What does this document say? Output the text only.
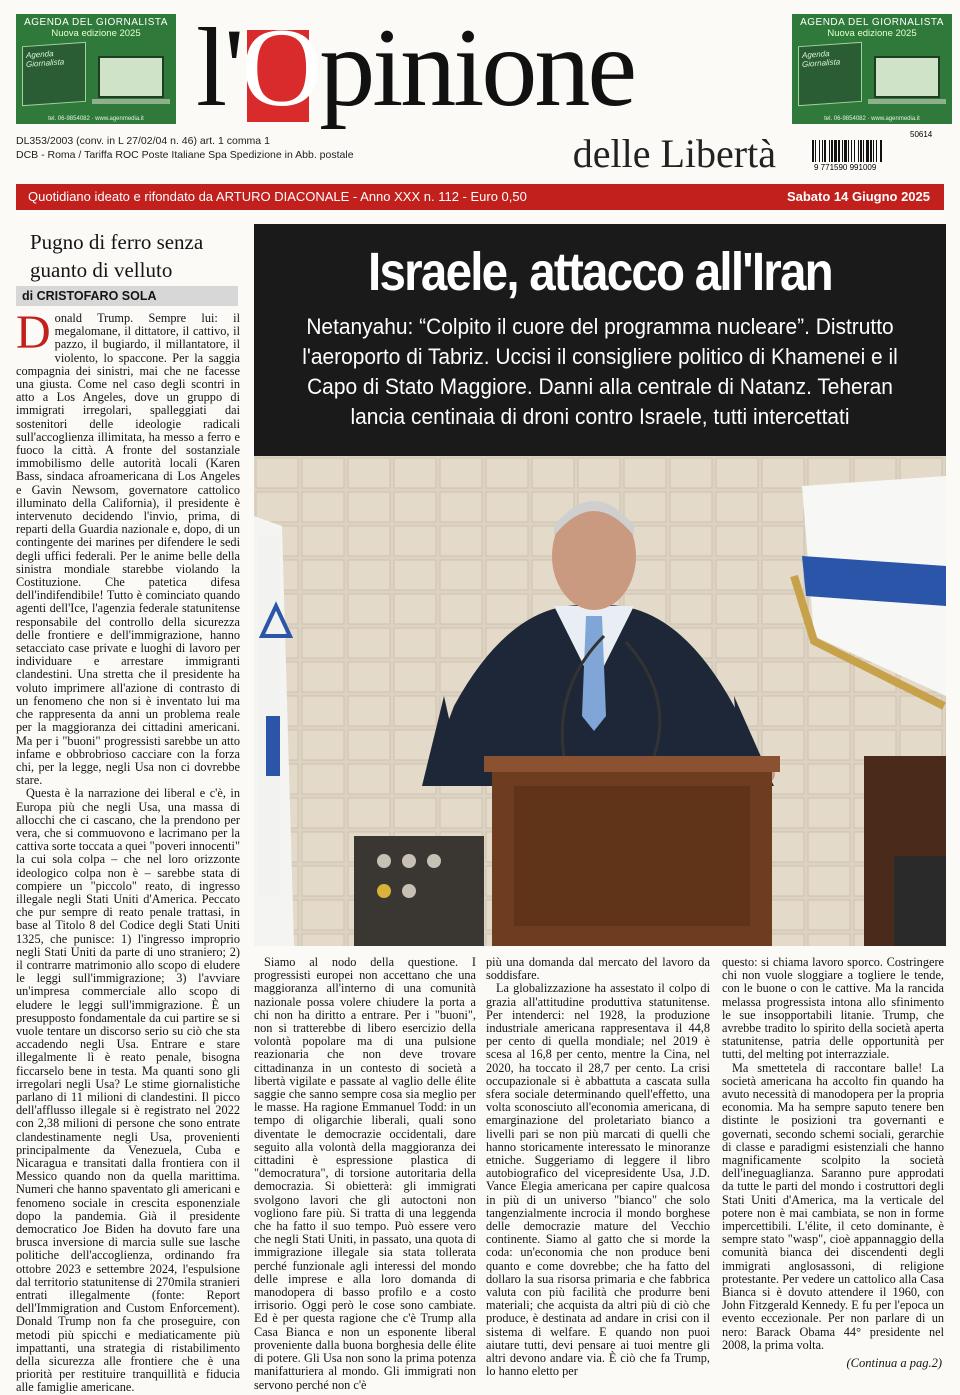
AGENDA DEL GIORNALISTA
Nuova edizione 2025
Agenda Giornalista
tel. 06-9854082 · www.agenmedia.it
AGENDA DEL GIORNALISTA
Nuova edizione 2025
Agenda Giornalista
tel. 06-9854082 · www.agenmedia.it
l'Opinione
delle Libertà
DL353/2003 (conv. in L 27/02/04 n. 46) art. 1 comma 1
DCB - Roma / Tariffa ROC Poste Italiane Spa Spedizione in Abb. postale
50614
9 771590 991009
Quotidiano ideato e rifondato da ARTURO DIACONALE - Anno XXX n. 112 - Euro 0,50	Sabato 14 Giugno 2025
Pugno di ferro senza guanto di velluto
di CRISTOFARO SOLA

Donald Trump. Sempre lui: il megalomane, il dittatore, il cattivo, il pazzo, il bugiardo, il millantatore, il violento, lo spaccone. Per la saggia compagnia dei sinistri, mai che ne facesse una giusta. Come nel caso degli scontri in atto a Los Angeles, dove un gruppo di immigrati irregolari, spalleggiati dai sostenitori delle ideologie radicali sull'accoglienza illimitata, ha messo a ferro e fuoco la città. A fronte del sostanziale immobilismo delle autorità locali (Karen Bass, sindaca afroamericana di Los Angeles e Gavin Newsom, governatore cattolico illuminato della California), il presidente è intervenuto decidendo l'invio, prima, di reparti della Guardia nazionale e, dopo, di un contingente dei marines per difendere le sedi degli uffici federali. Per le anime belle della sinistra mondiale starebbe violando la Costituzione. Che patetica difesa dell'indifendibile! Tutto è cominciato quando agenti dell'Ice, l'agenzia federale statunitense responsabile del controllo della sicurezza delle frontiere e dell'immigrazione, hanno setacciato case private e luoghi di lavoro per individuare e arrestare immigranti clandestini. Una stretta che il presidente ha voluto imprimere all'azione di contrasto di un fenomeno che non si è inventato lui ma che rappresenta da anni un problema reale per la maggioranza dei cittadini americani. Ma per i "buoni" progressisti sarebbe un atto infame e obbrobrioso cacciare con la forza chi, per la legge, negli Usa non ci dovrebbe stare.

Questa è la narrazione dei liberal e c'è, in Europa più che negli Usa, una massa di allocchi che ci cascano, che la prendono per vera, che si commuovono e lacrimano per la cattiva sorte toccata a quei "poveri innocenti" la cui sola colpa – che nel loro orizzonte ideologico colpa non è – sarebbe stata di compiere un "piccolo" reato, di ingresso illegale negli Stati Uniti d'America. Peccato che pur sempre di reato penale trattasi, in base al Titolo 8 del Codice degli Stati Uniti 1325, che punisce: 1) l'ingresso improprio negli Stati Uniti da parte di uno straniero; 2) il contrarre matrimonio allo scopo di eludere le leggi sull'immigrazione; 3) l'avviare un'impresa commerciale allo scopo di eludere le leggi sull'immigrazione. È un presupposto fondamentale da cui partire se si vuole tentare un discorso serio su ciò che sta accadendo negli Usa. Entrare e stare illegalmente lì è reato penale, bisogna ficcarselo bene in testa. Ma quanti sono gli irregolari negli Usa? Le stime giornalistiche parlano di 11 milioni di clandestini. Il picco dell'afflusso illegale si è registrato nel 2022 con 2,38 milioni di persone che sono entrate clandestinamente negli Usa, provenienti principalmente da Venezuela, Cuba e Nicaragua e transitati dalla frontiera con il Messico quando non da quella marittima. Numeri che hanno spaventato gli americani e fenomeno sociale in crescita esponenziale dopo la pandemia. Già il presidente democratico Joe Biden ha dovuto fare una brusca inversione di marcia sulle sue lasche politiche dell'accoglienza, ordinando fra ottobre 2023 e settembre 2024, l'espulsione dal territorio statunitense di 270mila stranieri entrati illegalmente (fonte: Report dell'Immigration and Custom Enforcement). Donald Trump non fa che proseguire, con metodi più spicchi e mediaticamente più impattanti, una strategia di ristabilimento della sicurezza alle frontiere che è una priorità per restituire tranquillità e fiducia alle famiglie americane.

Siamo al nodo della questione. I progressisti europei non accettano che una maggioranza all'interno di una comunità nazionale possa volere chiudere la porta a chi non ha diritto a entrare. Per i "buoni", non si tratterebbe di libero esercizio della volontà popolare ma di una pulsione reazionaria che non deve trovare cittadinanza in un contesto di società a libertà vigilate e passate al vaglio delle élite saggie che sanno sempre cosa sia meglio per le masse. Ha ragione Emmanuel Todd: in un tempo di oligarchie liberali, quali sono diventate le democrazie occidentali, dare seguito alla volontà della maggioranza dei cittadini è espressione plastica di "democratura", di torsione autoritaria della democrazia. Si obietterà: gli immigrati svolgono lavori che gli autoctoni non vogliono fare più. Si tratta di una leggenda che ha fatto il suo tempo. Può essere vero che negli Stati Uniti, in passato, una quota di immigrazione illegale sia stata tollerata perché funzionale agli interessi del mondo delle imprese e alla loro domanda di manodopera di basso profilo e a costo irrisorio. Oggi però le cose sono cambiate. Ed è per questa ragione che c'è Trump alla Casa Bianca e non un esponente liberal proveniente dalla buona borghesia delle élite di potere. Gli Usa non sono la prima potenza manifatturiera al mondo. Gli immigrati non servono perché non c'è

più una domanda dal mercato del lavoro da soddisfare.

La globalizzazione ha assestato il colpo di grazia all'attitudine produttiva statunitense. Per intenderci: nel 1928, la produzione industriale americana rappresentava il 44,8 per cento di quella mondiale; nel 2019 è scesa al 16,8 per cento, mentre la Cina, nel 2020, ha toccato il 28,7 per cento. La crisi occupazionale si è abbattuta a cascata sulla sfera sociale determinando quell'effetto, una volta sconosciuto all'economia americana, di emarginazione del proletariato bianco a livelli pari se non più marcati di quelli che hanno storicamente interessato le minoranze etniche. Suggeriamo di leggere il libro autobiografico del vicepresidente Usa, J.D. Vance Elegia americana per capire qualcosa in più di un universo "bianco" che solo tangenzialmente incrocia il mondo borghese delle democrazie mature del Vecchio continente. Siamo al gatto che si morde la coda: un'economia che non produce beni quanto e come dovrebbe; che ha fatto del dollaro la sua risorsa primaria e che fabbrica valuta con più facilità che produrre beni materiali; che acquista da altri più di ciò che produce, è destinata ad andare in crisi con il sistema di welfare. E quando non puoi aiutare tutti, devi pensare ai tuoi mentre gli altri devono andare via. È ciò che fa Trump, lo hanno eletto per

questo: si chiama lavoro sporco. Costringere chi non vuole sloggiare a togliere le tende, con le buone o con le cattive. Ma la rancida melassa progressista intona allo sfinimento le sue insopportabili litanie. Trump, che avrebbe tradito lo spirito della società aperta statunitense, patria delle opportunità per tutti, del melting pot interrazziale.

Ma smettetela di raccontare balle! La società americana ha accolto fin quando ha avuto necessità di manodopera per la propria economia. Ma ha sempre saputo tenere ben distinte le posizioni tra governanti e governati, secondo schemi sociali, gerarchie di classe e paradigmi esistenziali che hanno magnificamente scolpito la società dell'ineguaglianza. Saranno pure approdati da tutte le parti del mondo i costruttori degli Stati Uniti d'America, ma la verticale del potere non è mai cambiata, se non in forme impercettibili. L'élite, il ceto dominante, è sempre stato "wasp", cioè appannaggio della comunità bianca dei discendenti degli immigrati anglosassoni, di religione protestante. Per vedere un cattolico alla Casa Bianca si è dovuto attendere il 1960, con John Fitzgerald Kennedy. E fu per l'epoca un evento eccezionale. Per non parlare di un nero: Barack Obama 44° presidente nel 2008, la prima volta.

(Continua a pag.2)
Israele, attacco all'Iran
Netanyahu: “Colpito il cuore del programma nucleare”. Distrutto l'aeroporto di Tabriz. Uccisi il consigliere politico di Khamenei e il Capo di Stato Maggiore. Danni alla centrale di Natanz. Teheran lancia centinaia di droni contro Israele, tutti intercettati
